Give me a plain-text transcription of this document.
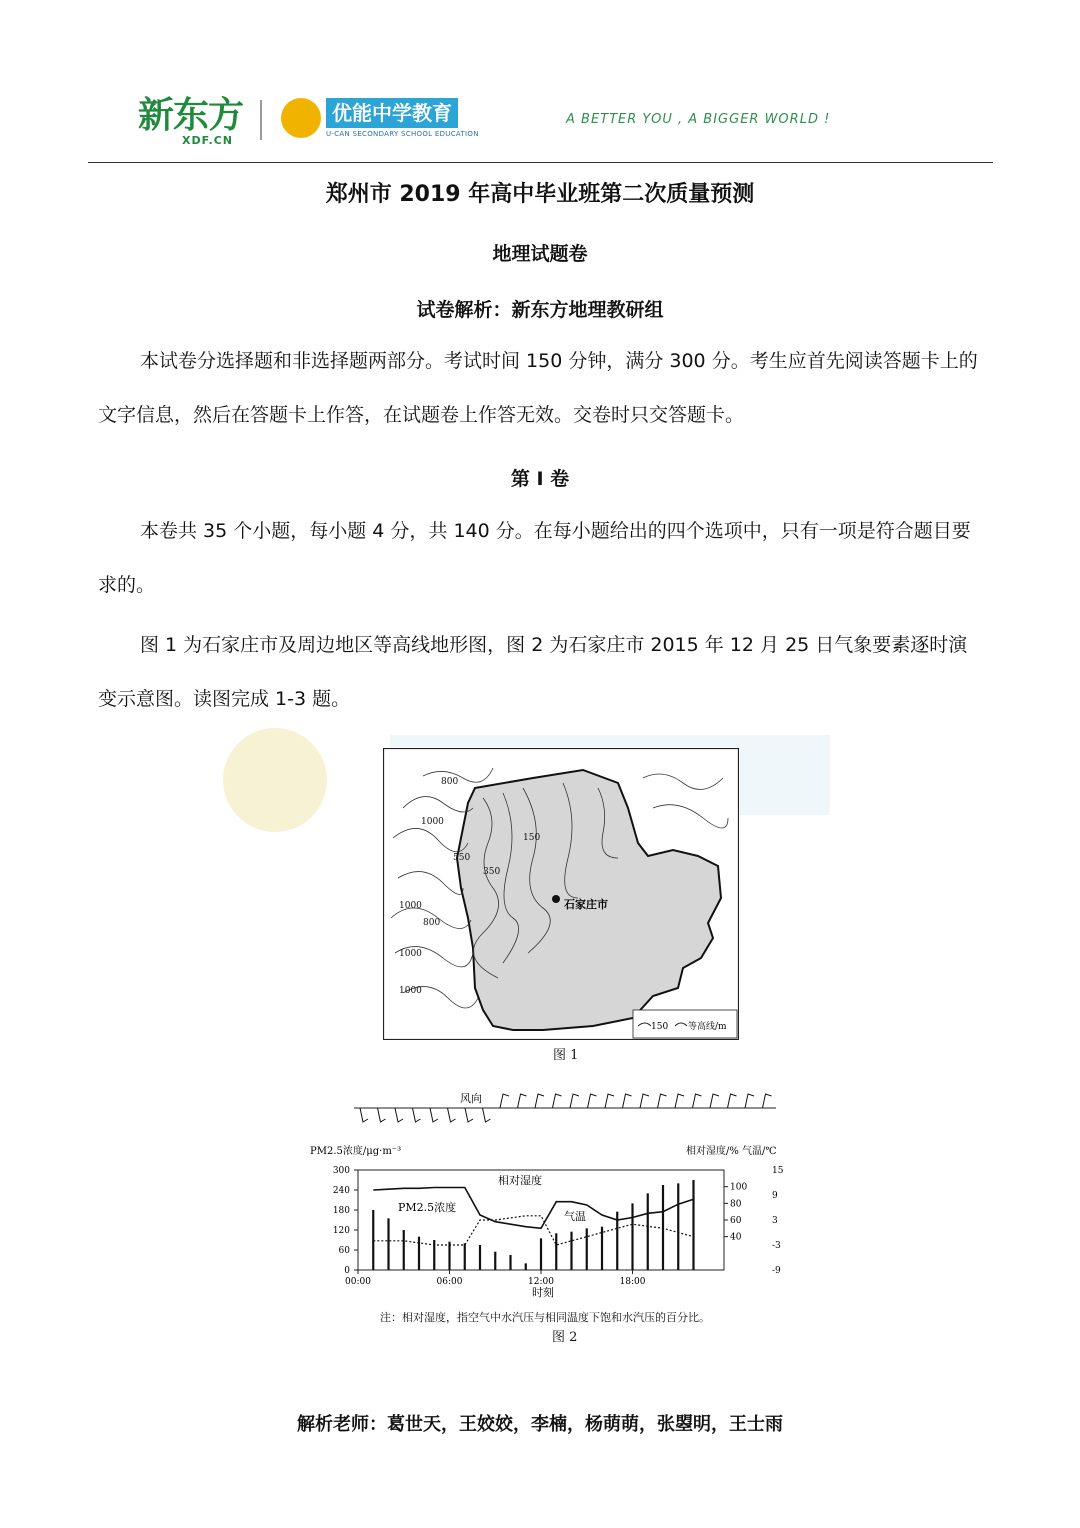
新东方
XDF.CN
优能中学教育
U-CAN SECONDARY SCHOOL EDUCATION
A BETTER YOU , A BIGGER WORLD !
郑州市 2019 年高中毕业班第二次质量预测
地理试题卷
试卷解析：新东方地理教研组
本试卷分选择题和非选择题两部分。考试时间 150 分钟，满分 300 分。考生应首先阅读答题卡上的文字信息，然后在答题卡上作答，在试题卷上作答无效。交卷时只交答题卡。
第 I 卷
本卷共 35 个小题，每小题 4 分，共 140 分。在每小题给出的四个选项中，只有一项是符合题目要求的。
图 1 为石家庄市及周边地区等高线地形图，图 2 为石家庄市 2015 年 12 月 25 日气象要素逐时演变示意图。读图完成 1-3 题。
800
1000
550
350
150
1000
800
1000
1000
石家庄市
150 等高线/m
图 1
风向
PM2.5浓度/μg·m⁻³	相对湿度/% 气温/℃
0
60
120
180
240
300
40
60
80
100
-9
-3
3
9
15
00:00	06:00	12:00	18:00
时刻
PM2.5浓度
相对湿度
气温
注：相对湿度，指空气中水汽压与相同温度下饱和水汽压的百分比。
图 2
解析老师：葛世天，王姣姣，李楠，杨萌萌，张曌明，王士雨
